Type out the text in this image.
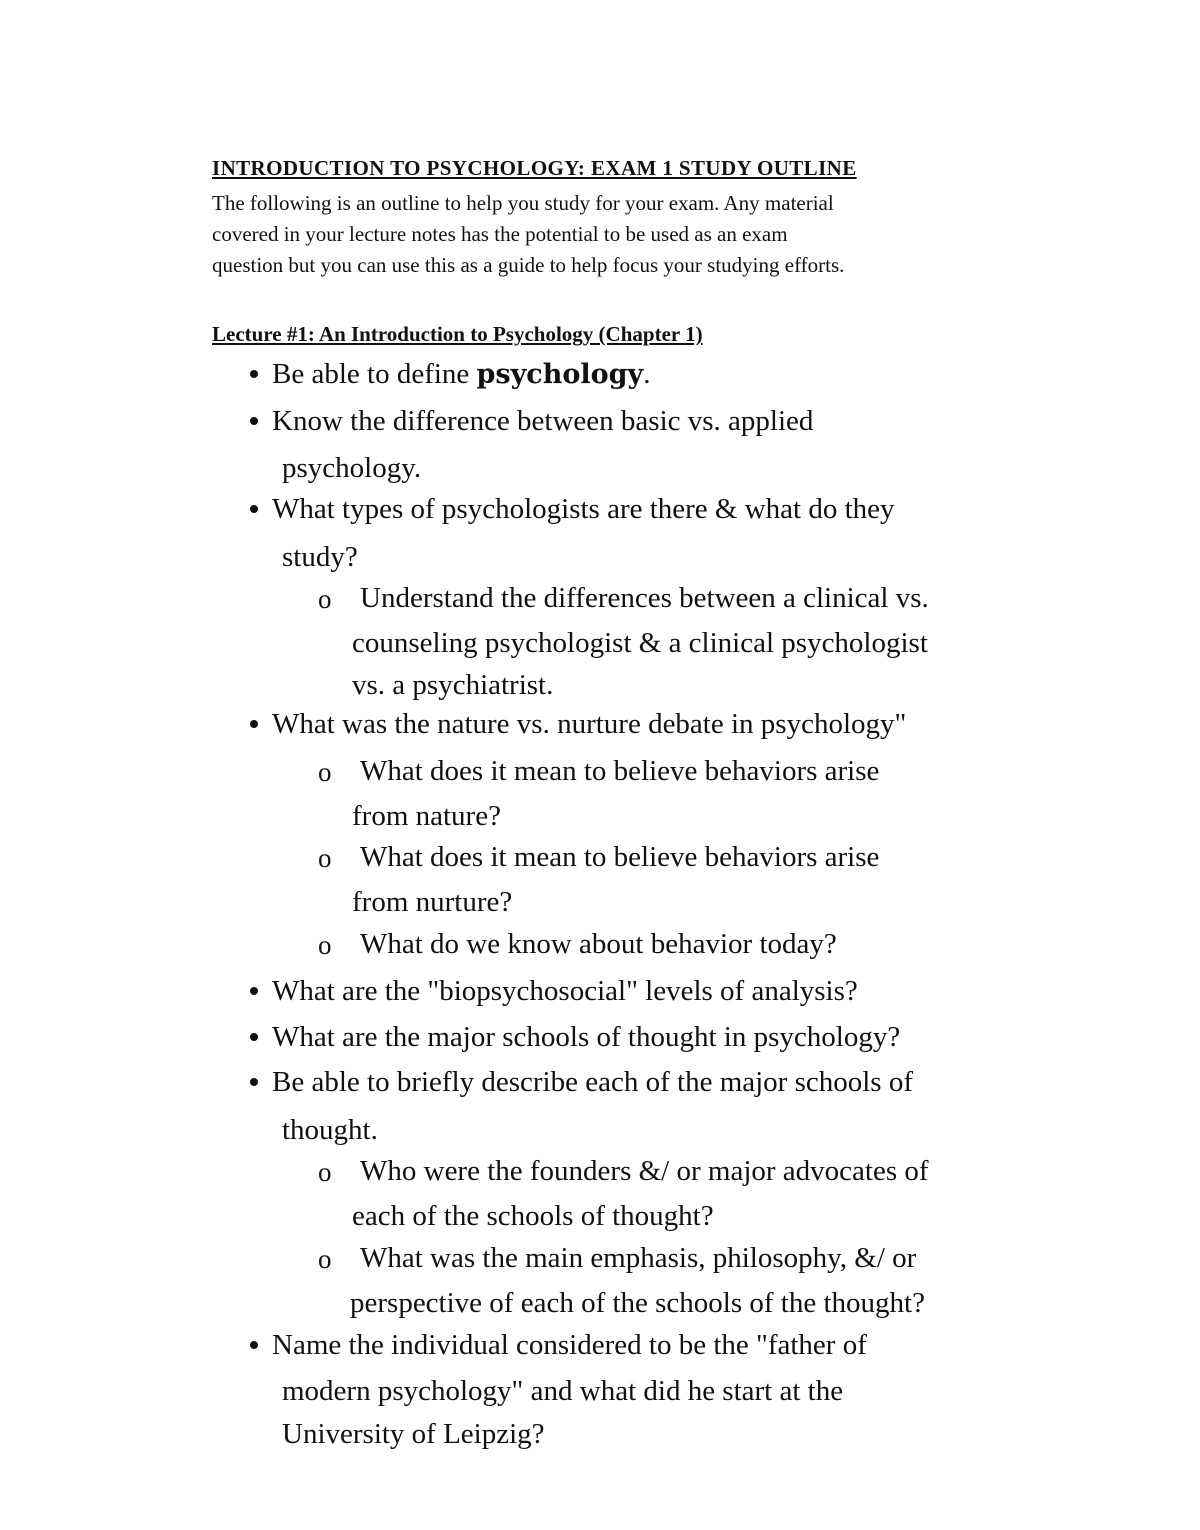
INTRODUCTION TO PSYCHOLOGY: EXAM 1 STUDY OUTLINE
The following is an outline to help you study for your exam. Any material
covered in your lecture notes has the potential to be used as an exam
question but you can use this as a guide to help focus your studying efforts.
Lecture #1: An Introduction to Psychology (Chapter 1)
Be able to define psychology.
Know the difference between basic vs. applied
psychology.
What types of psychologists are there & what do they
study?
o Understand the differences between a clinical vs.
counseling psychologist & a clinical psychologist
vs. a psychiatrist.
What was the nature vs. nurture debate in psychology"
o What does it mean to believe behaviors arise
from nature?
o What does it mean to believe behaviors arise
from nurture?
o What do we know about behavior today?
What are the "biopsychosocial" levels of analysis?
What are the major schools of thought in psychology?
Be able to briefly describe each of the major schools of
thought.
o Who were the founders &/ or major advocates of
each of the schools of thought?
o What was the main emphasis, philosophy, &/ or
perspective of each of the schools of the thought?
Name the individual considered to be the "father of
modern psychology" and what did he start at the
University of Leipzig?
